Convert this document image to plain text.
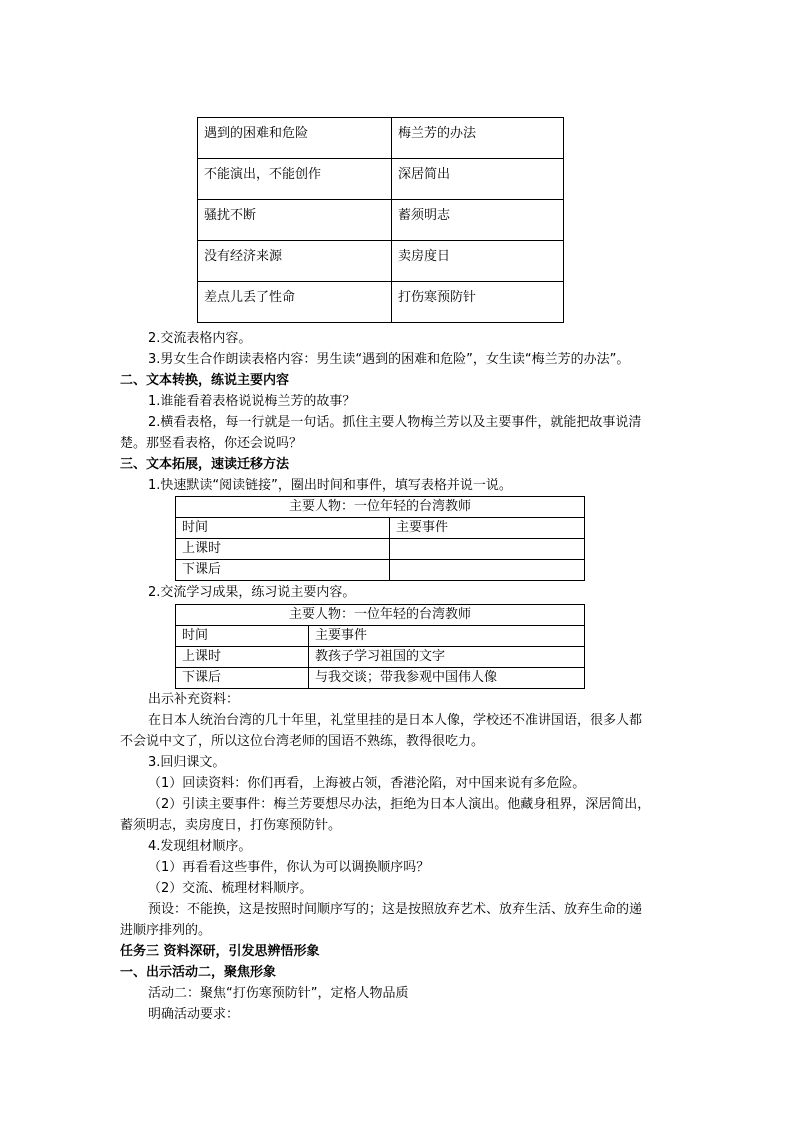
遇到的困难和危险	梅兰芳的办法
不能演出，不能创作	深居简出
骚扰不断	蓄须明志
没有经济来源	卖房度日
差点儿丢了性命	打伤寒预防针
2.交流表格内容。
3.男女生合作朗读表格内容：男生读“遇到的困难和危险”，女生读“梅兰芳的办法”。
二、文本转换，练说主要内容
1.谁能看着表格说说梅兰芳的故事？
2.横看表格，每一行就是一句话。抓住主要人物梅兰芳以及主要事件，就能把故事说清
楚。那竖看表格，你还会说吗？
三、文本拓展，速读迁移方法
1.快速默读“阅读链接”，圈出时间和事件，填写表格并说一说。
主要人物：一位年轻的台湾教师	
时间	主要事件
上课时	
下课后	
2.交流学习成果，练习说主要内容。
主要人物：一位年轻的台湾教师	
时间	主要事件
上课时	教孩子学习祖国的文字
下课后	与我交谈；带我参观中国伟人像
出示补充资料：
在日本人统治台湾的几十年里，礼堂里挂的是日本人像，学校还不准讲国语，很多人都
不会说中文了，所以这位台湾老师的国语不熟练，教得很吃力。
3.回归课文。
（1）回读资料：你们再看，上海被占领，香港沦陷，对中国来说有多危险。
（2）引读主要事件：梅兰芳要想尽办法，拒绝为日本人演出。他藏身租界，深居简出，
蓄须明志，卖房度日，打伤寒预防针。
4.发现组材顺序。
（1）再看看这些事件，你认为可以调换顺序吗？
（2）交流、梳理材料顺序。
预设：不能换，这是按照时间顺序写的；这是按照放弃艺术、放弃生活、放弃生命的递
进顺序排列的。
任务三 资料深研，引发思辨悟形象
一、出示活动二，聚焦形象
活动二：聚焦“打伤寒预防针”，定格人物品质
明确活动要求：
